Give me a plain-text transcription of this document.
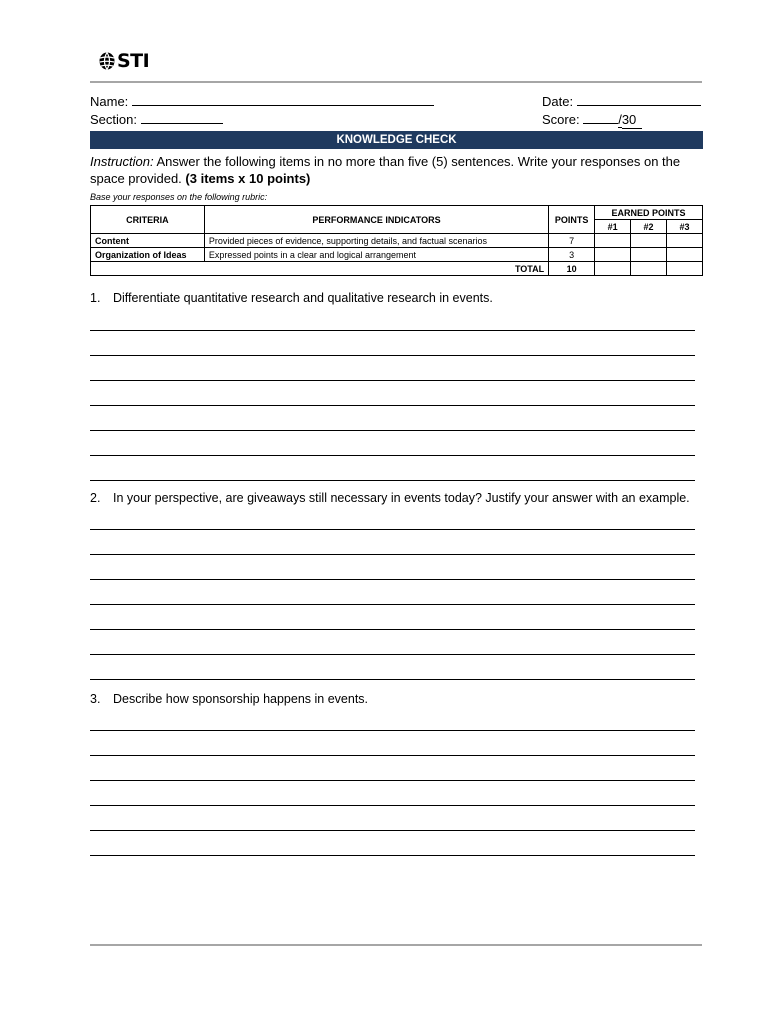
STI
Name:	Date:
Section:	Score:	/30
KNOWLEDGE CHECK
Instruction: Answer the following items in no more than five (5) sentences. Write your responses on the space provided. (3 items x 10 points)
Base your responses on the following rubric:
CRITERIA	PERFORMANCE INDICATORS	POINTS	EARNED POINTS		
			#1	#2	#3
Content	Provided pieces of evidence, supporting details, and factual scenarios	7			
Organization of Ideas	Expressed points in a clear and logical arrangement	3			
TOTAL		10			
1. Differentiate quantitative research and qualitative research in events.
2. In your perspective, are giveaways still necessary in events today? Justify your answer with an example.
3. Describe how sponsorship happens in events.
